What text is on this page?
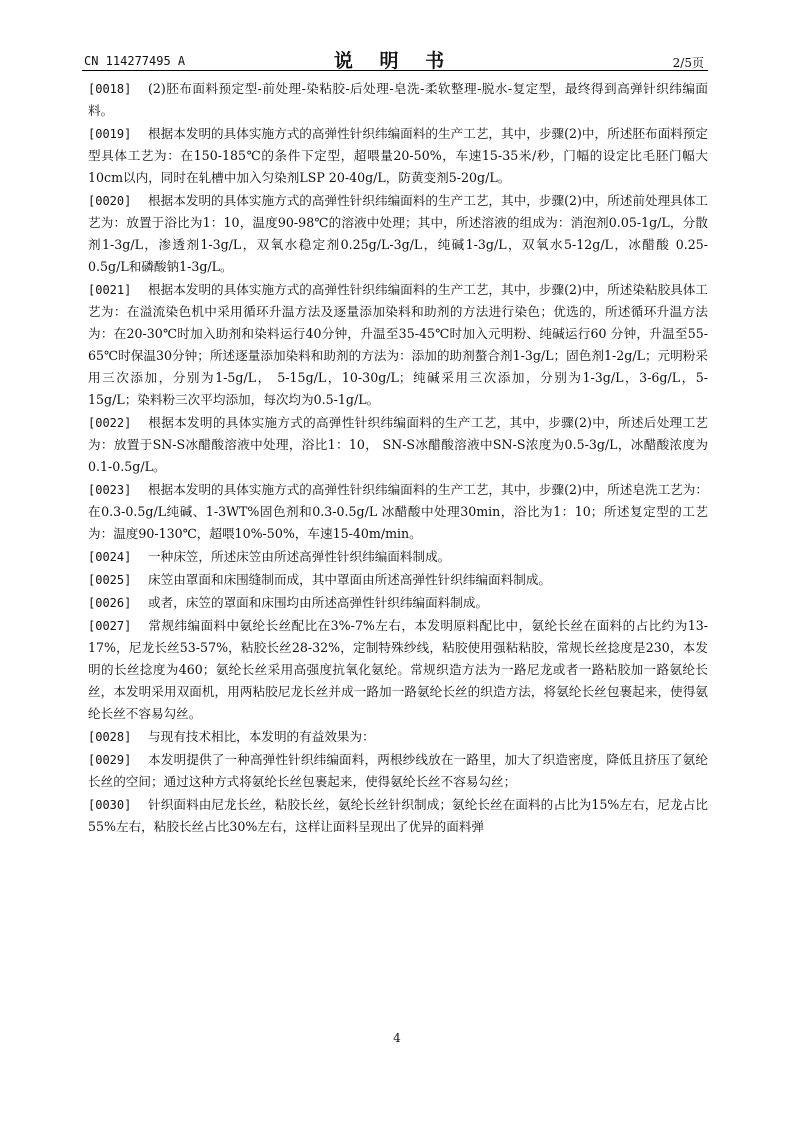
CN 114277495 A	说 明 书	2/5页

[0018] (2)胚布面料预定型-前处理-染粘胶-后处理-皂洗-柔软整理-脱水-复定型，最终得到高弹针织纬编面料。

[0019] 根据本发明的具体实施方式的高弹性针织纬编面料的生产工艺，其中，步骤(2)中，所述胚布面料预定型具体工艺为：在150-185℃的条件下定型，超喂量20-50%，车速15-35米/秒，门幅的设定比毛胚门幅大10cm以内，同时在轧槽中加入匀染剂LSP 20-40g/L，防黄变剂5-20g/L。

[0020] 根据本发明的具体实施方式的高弹性针织纬编面料的生产工艺，其中，步骤(2)中，所述前处理具体工艺为：放置于浴比为1：10，温度90-98℃的溶液中处理；其中，所述溶液的组成为：消泡剂0.05-1g/L，分散剂1-3g/L，渗透剂1-3g/L，双氧水稳定剂0.25g/L-3g/L，纯碱1-3g/L，双氧水5-12g/L，冰醋酸 0.25-0.5g/L和磷酸钠1-3g/L。

[0021] 根据本发明的具体实施方式的高弹性针织纬编面料的生产工艺，其中，步骤(2)中，所述染粘胶具体工艺为：在溢流染色机中采用循环升温方法及逐量添加染料和助剂的方法进行染色；优选的，所述循环升温方法为：在20-30℃时加入助剂和染料运行40分钟，升温至35-45℃时加入元明粉、纯碱运行60 分钟，升温至55-65℃时保温30分钟；所述逐量添加染料和助剂的方法为：添加的助剂螯合剂1-3g/L；固色剂1-2g/L；元明粉采用三次添加，分别为1-5g/L， 5-15g/L，10-30g/L；纯碱采用三次添加，分别为1-3g/L，3-6g/L，5-15g/L；染料粉三次平均添加，每次均为0.5-1g/L。

[0022] 根据本发明的具体实施方式的高弹性针织纬编面料的生产工艺，其中，步骤(2)中，所述后处理工艺为：放置于SN-S冰醋酸溶液中处理，浴比1：10， SN-S冰醋酸溶液中SN-S浓度为0.5-3g/L，冰醋酸浓度为0.1-0.5g/L。

[0023] 根据本发明的具体实施方式的高弹性针织纬编面料的生产工艺，其中，步骤(2)中，所述皂洗工艺为：在0.3-0.5g/L纯碱、1-3WT%固色剂和0.3-0.5g/L 冰醋酸中处理30min，浴比为1：10；所述复定型的工艺为：温度90-130℃，超喂10%-50%，车速15-40m/min。

[0024] 一种床笠，所述床笠由所述高弹性针织纬编面料制成。

[0025] 床笠由罩面和床围缝制而成，其中罩面由所述高弹性针织纬编面料制成。

[0026] 或者，床笠的罩面和床围均由所述高弹性针织纬编面料制成。

[0027] 常规纬编面料中氨纶长丝配比在3%-7%左右，本发明原料配比中，氨纶长丝在面料的占比约为13-17%，尼龙长丝53-57%，粘胶长丝28-32%，定制特殊纱线，粘胶使用强粘粘胶，常规长丝捻度是230，本发明的长丝捻度为460；氨纶长丝采用高强度抗氧化氨纶。常规织造方法为一路尼龙或者一路粘胶加一路氨纶长丝，本发明采用双面机，用两粘胶尼龙长丝并成一路加一路氨纶长丝的织造方法，将氨纶长丝包裹起来，使得氨纶长丝不容易勾丝。

[0028] 与现有技术相比，本发明的有益效果为：

[0029] 本发明提供了一种高弹性针织纬编面料，两根纱线放在一路里，加大了织造密度，降低且挤压了氨纶长丝的空间；通过这种方式将氨纶长丝包裹起来，使得氨纶长丝不容易勾丝；

[0030] 针织面料由尼龙长丝，粘胶长丝，氨纶长丝针织制成；氨纶长丝在面料的占比为15%左右，尼龙占比55%左右，粘胶长丝占比30%左右，这样让面料呈现出了优异的面料弹

4
